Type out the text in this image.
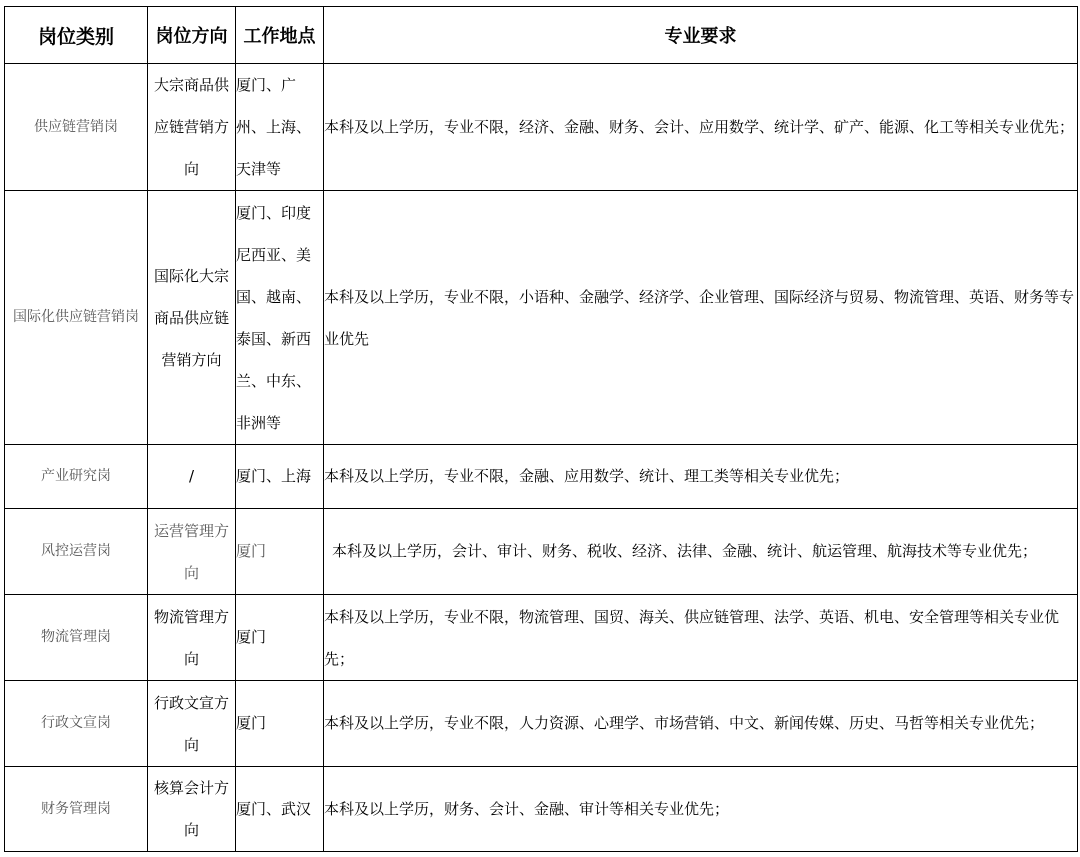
岗位类别	岗位方向	工作地点	专业要求
供应链营销岗	大宗商品供应链营销方向	厦门、广州、上海、天津等	本科及以上学历，专业不限，经济、金融、财务、会计、应用数学、统计学、矿产、能源、化工等相关专业优先；

国际化供应链营销岗	国际化大宗商品供应链营销方向	厦门、印度尼西亚、美国、越南、泰国、新西兰、中东、非洲等	本科及以上学历，专业不限，小语种、金融学、经济学、企业管理、国际经济与贸易、物流管理、英语、财务等专业优先

产业研究岗	/	厦门、上海	本科及以上学历，专业不限，金融、应用数学、统计、理工类等相关专业优先；
风控运营岗	运营管理方向	厦门	本科及以上学历，会计、审计、财务、税收、经济、法律、金融、统计、航运管理、航海技术等专业优先；

物流管理岗	物流管理方向	厦门	本科及以上学历，专业不限，物流管理、国贸、海关、供应链管理、法学、英语、机电、安全管理等相关专业优先；

行政文宣岗	行政文宣方向	厦门	本科及以上学历，专业不限，人力资源、心理学、市场营销、中文、新闻传媒、历史、马哲等相关专业优先；
财务管理岗	核算会计方向	厦门、武汉	本科及以上学历，财务、会计、金融、审计等相关专业优先；
